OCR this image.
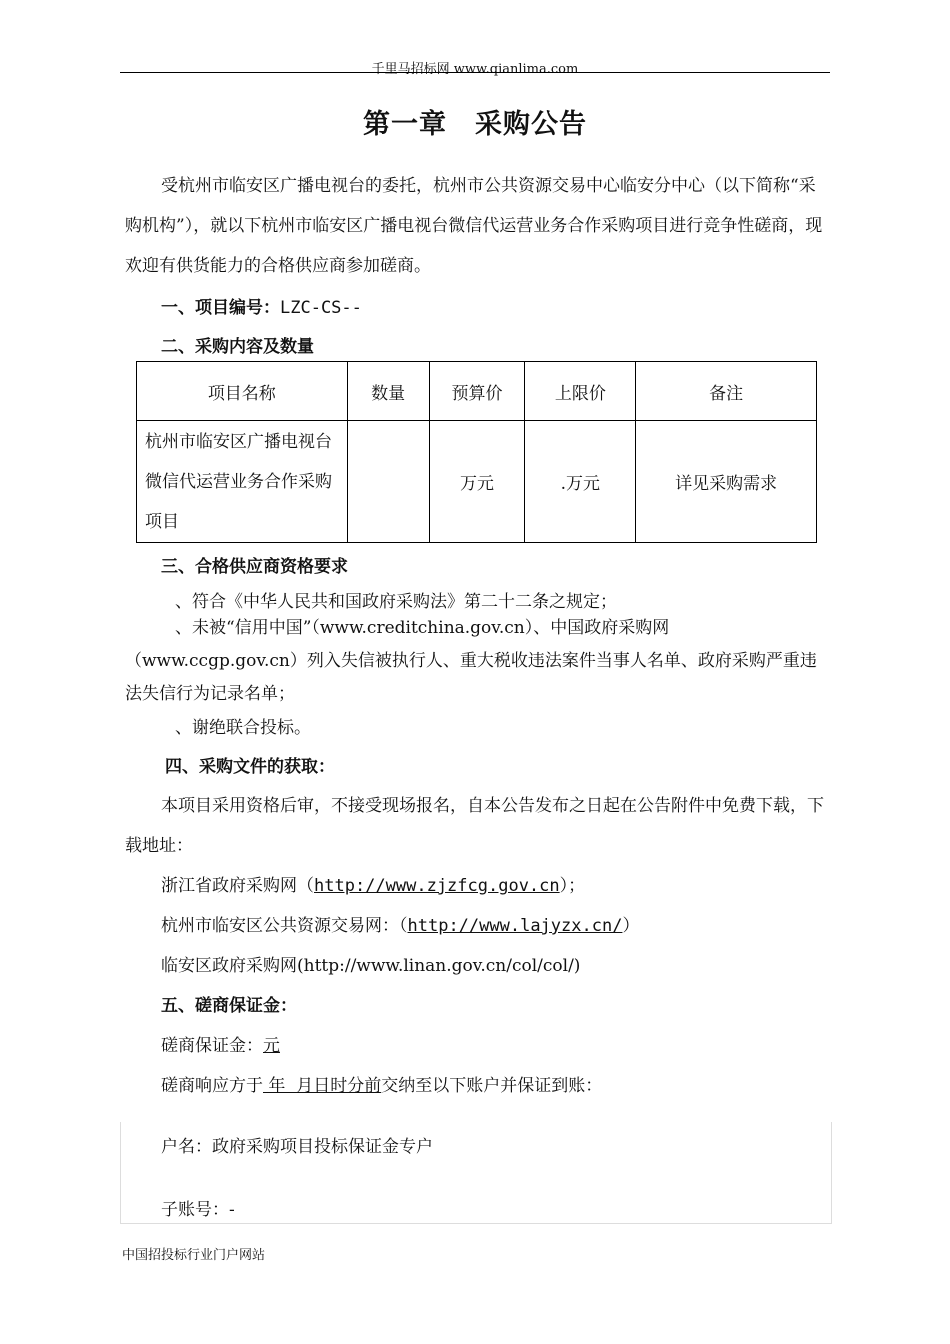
千里马招标网 www.qianlima.com
第一章　采购公告

受杭州市临安区广播电视台的委托，杭州市公共资源交易中心临安分中心（以下简称“采购机构”），就以下杭州市临安区广播电视台微信代运营业务合作采购项目进行竞争性磋商，现欢迎有供货能力的合格供应商参加磋商。

一、项目编号：LZC-CS--
二、采购内容及数量
项目名称	数量	预算价	上限价	备注
杭州市临安区广播电视台微信代运营业务合作采购项目		万元	.万元	详见采购需求
三、合格供应商资格要求
、符合《中华人民共和国政府采购法》第二十二条之规定；

、未被“信用中国”（www.creditchina.gov.cn）、中国政府采购网（www.ccgp.gov.cn）列入失信被执行人、重大税收违法案件当事人名单、政府采购严重违法失信行为记录名单；

、谢绝联合投标。
四、采购文件的获取：

本项目采用资格后审，不接受现场报名，自本公告发布之日起在公告附件中免费下载，下载地址：

浙江省政府采购网（http://www.zjzfcg.gov.cn）；
杭州市临安区公共资源交易网：（http://www.lajyzx.cn/）
临安区政府采购网(http://www.linan.gov.cn/col/col/)
五、磋商保证金：
磋商保证金：元
磋商响应方于 年  月日时分前交纳至以下账户并保证到账：
户名：政府采购项目投标保证金专户
子账号：-
中国招投标行业门户网站
